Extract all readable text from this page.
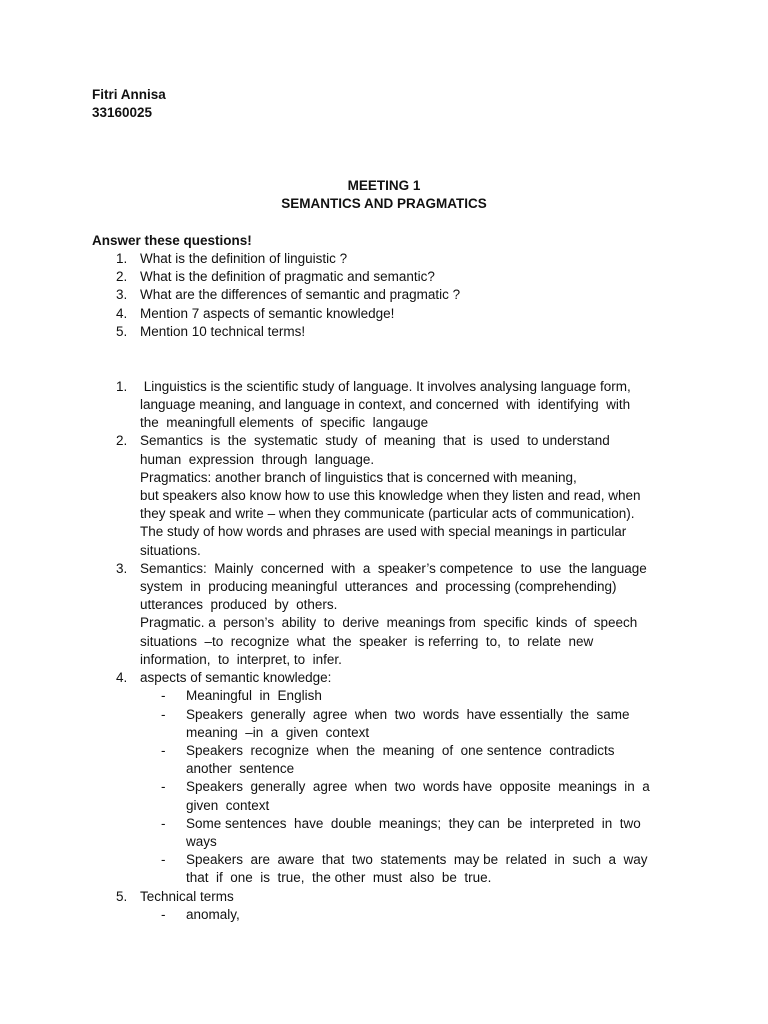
Fitri Annisa
33160025
MEETING 1
SEMANTICS AND PRAGMATICS
Answer these questions!
1. What is the definition of linguistic ?
2. What is the definition of pragmatic and semantic?
3. What are the differences of semantic and pragmatic ?
4. Mention 7 aspects of semantic knowledge!
5. Mention 10 technical terms!
1. Linguistics is the scientific study of language. It involves analysing language form,
language meaning, and language in context, and concerned  with  identifying  with
the  meaningfull elements  of  specific  langauge
2. Semantics  is  the  systematic  study  of  meaning  that  is  used  to understand
human  expression  through  language.
Pragmatics: another branch of linguistics that is concerned with meaning,
but speakers also know how to use this knowledge when they listen and read, when
they speak and write – when they communicate (particular acts of communication).
The study of how words and phrases are used with special meanings in particular
situations.
3. Semantics:  Mainly  concerned  with  a  speaker’s competence  to  use  the language
system  in  producing meaningful  utterances  and  processing (comprehending)
utterances  produced  by  others.
Pragmatic. a  person’s  ability  to  derive  meanings from  specific  kinds  of  speech
situations  –to  recognize  what  the  speaker  is referring  to,  to  relate  new
information,  to  interpret, to  infer.
4. aspects of semantic knowledge:
- Meaningful  in  English
- Speakers  generally  agree  when  two  words  have essentially  the  same
meaning  –in  a  given  context
- Speakers  recognize  when  the  meaning  of  one sentence  contradicts
another  sentence
- Speakers  generally  agree  when  two  words have  opposite  meanings  in  a
given  context
- Some sentences  have  double  meanings;  they can  be  interpreted  in  two
ways
- Speakers  are  aware  that  two  statements  may be  related  in  such  a  way
that  if  one  is  true,  the other  must  also  be  true.
5. Technical terms
- anomaly,
